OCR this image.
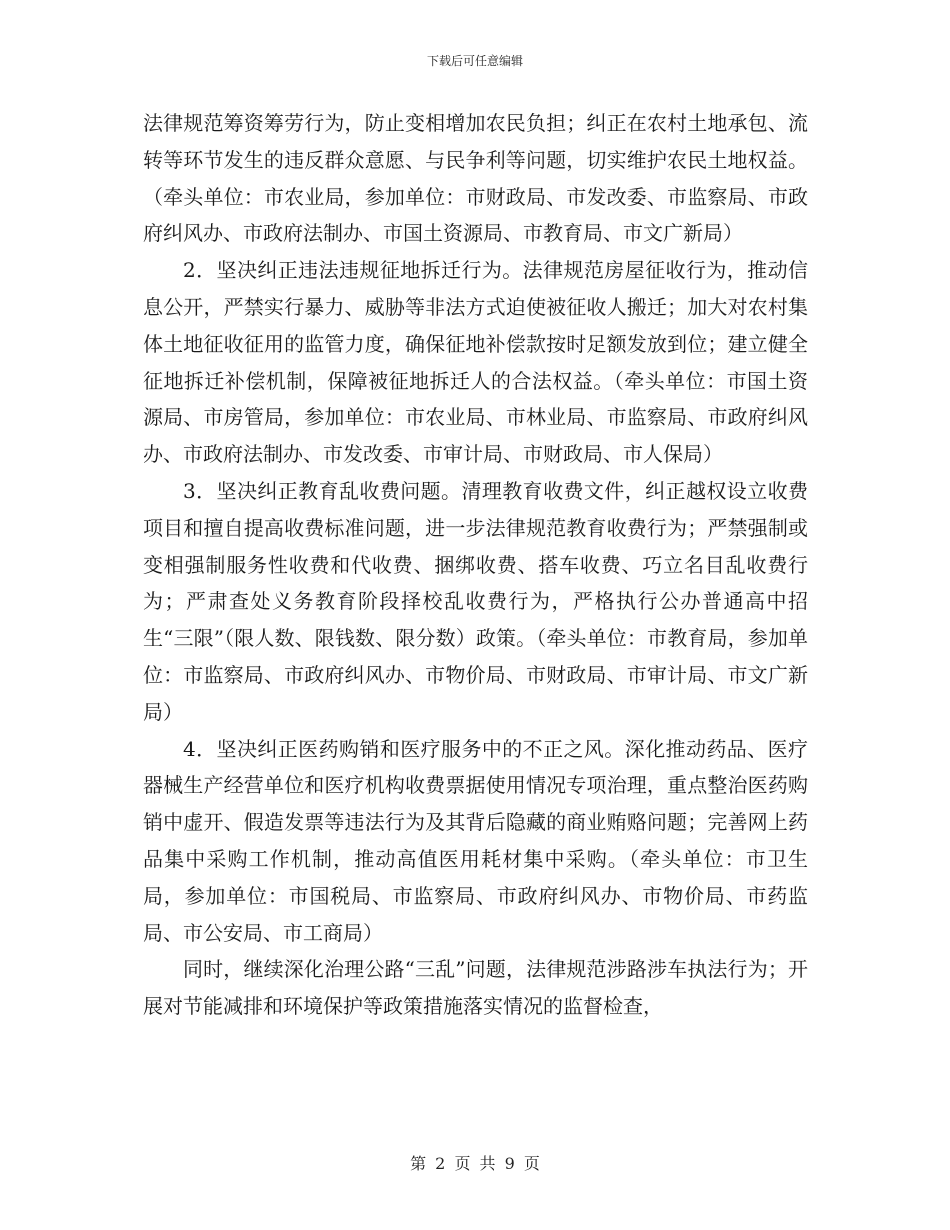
下载后可任意编辑

法律规范筹资筹劳行为，防止变相增加农民负担；纠正在农村土地承包、流转等环节发生的违反群众意愿、与民争利等问题，切实维护农民土地权益。（牵头单位：市农业局，参加单位：市财政局、市发改委、市监察局、市政府纠风办、市政府法制办、市国土资源局、市教育局、市文广新局）

2．坚决纠正违法违规征地拆迁行为。法律规范房屋征收行为，推动信息公开，严禁实行暴力、威胁等非法方式迫使被征收人搬迁；加大对农村集体土地征收征用的监管力度，确保征地补偿款按时足额发放到位；建立健全征地拆迁补偿机制，保障被征地拆迁人的合法权益。（牵头单位：市国土资源局、市房管局，参加单位：市农业局、市林业局、市监察局、市政府纠风办、市政府法制办、市发改委、市审计局、市财政局、市人保局）

3．坚决纠正教育乱收费问题。清理教育收费文件，纠正越权设立收费项目和擅自提高收费标准问题，进一步法律规范教育收费行为；严禁强制或变相强制服务性收费和代收费、捆绑收费、搭车收费、巧立名目乱收费行为；严肃查处义务教育阶段择校乱收费行为，严格执行公办普通高中招生“三限”（限人数、限钱数、限分数）政策。（牵头单位：市教育局，参加单位：市监察局、市政府纠风办、市物价局、市财政局、市审计局、市文广新局）

4．坚决纠正医药购销和医疗服务中的不正之风。深化推动药品、医疗器械生产经营单位和医疗机构收费票据使用情况专项治理，重点整治医药购销中虚开、假造发票等违法行为及其背后隐藏的商业贿赂问题；完善网上药品集中采购工作机制，推动高值医用耗材集中采购。（牵头单位：市卫生局，参加单位：市国税局、市监察局、市政府纠风办、市物价局、市药监局、市公安局、市工商局）

同时，继续深化治理公路“三乱”问题，法律规范涉路涉车执法行为；开展对节能减排和环境保护等政策措施落实情况的监督检查，

第 2 页 共 9 页
